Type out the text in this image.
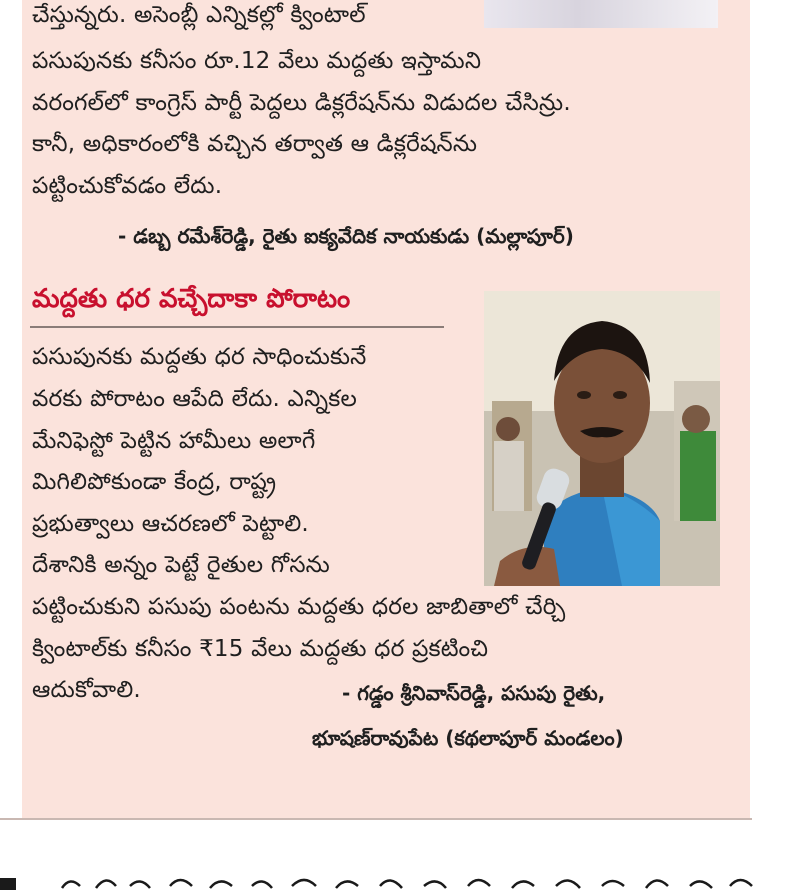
చేస్తున్నరు. అసెంబ్లీ ఎన్నికల్లో క్వింటాల్
పసుపునకు కనీసం రూ.12 వేలు మద్దతు ఇస్తామని
వరంగల్‌లో కాంగ్రెస్ పార్టీ పెద్దలు డిక్లరేషన్‌ను విడుదల చేసిన్రు.
కానీ, అధికారంలోకి వచ్చిన తర్వాత ఆ డిక్లరేషన్‌ను
పట్టించుకోవడం లేదు.
- డబ్బ రమేశ్‌రెడ్డి, రైతు ఐక్యవేదిక నాయకుడు (మల్లాపూర్)
మద్దతు ధర వచ్చేదాకా పోరాటం
పసుపునకు మద్దతు ధర సాధించుకునే
వరకు పోరాటం ఆపేది లేదు. ఎన్నికల
మేనిఫెస్టో పెట్టిన హామీలు అలాగే
మిగిలిపోకుండా కేంద్ర, రాష్ట్ర
ప్రభుత్వాలు ఆచరణలో పెట్టాలి.
దేశానికి అన్నం పెట్టే రైతుల గోసను
పట్టించుకుని పసుపు పంటను మద్దతు ధరల జాబితాలో చేర్చి
క్వింటాల్‌కు కనీసం ₹15 వేలు మద్దతు ధర ప్రకటించి
ఆదుకోవాలి.	- గడ్డం శ్రీనివాస్‌రెడ్డి, పసుపు రైతు,
భూషణ్‌రావుపేట (కథలాపూర్ మండలం)
